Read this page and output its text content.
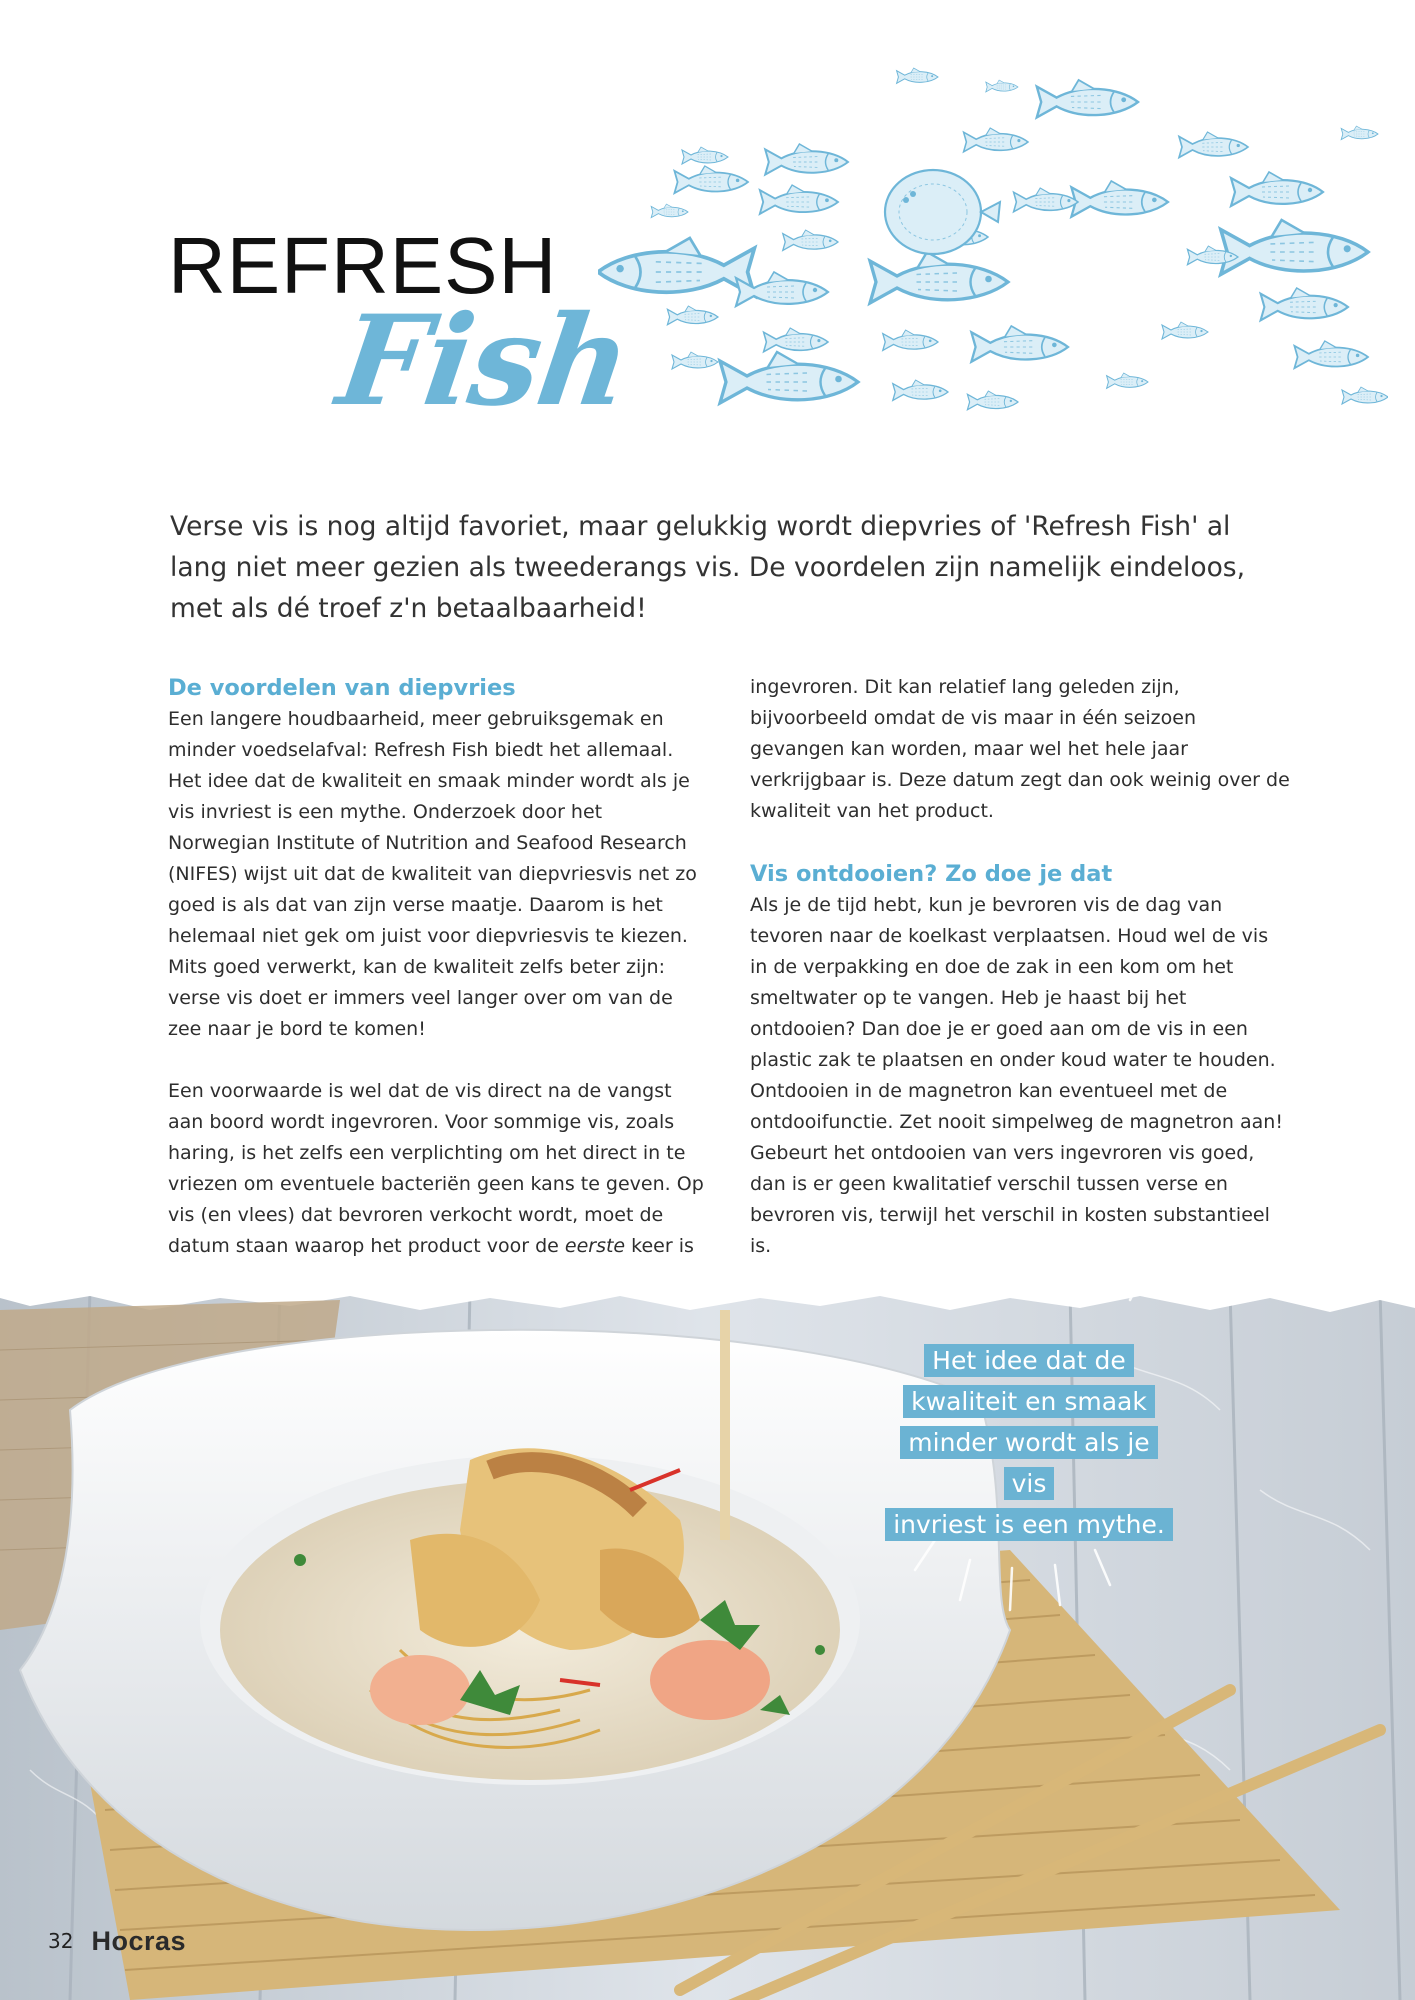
REFRESH
Fish

Verse vis is nog altijd favoriet, maar gelukkig wordt diepvries of 'Refresh Fish' al lang niet meer gezien als tweederangs vis. De voordelen zijn namelijk eindeloos, met als dé troef z'n betaalbaarheid!

De voordelen van diepvries

Een langere houdbaarheid, meer gebruiksgemak en minder voedselafval: Refresh Fish biedt het allemaal. Het idee dat de kwaliteit en smaak minder wordt als je vis invriest is een mythe. Onderzoek door het Norwegian Institute of Nutrition and Seafood Research (NIFES) wijst uit dat de kwaliteit van diepvriesvis net zo goed is als dat van zijn verse maatje. Daarom is het helemaal niet gek om juist voor diepvriesvis te kiezen. Mits goed verwerkt, kan de kwaliteit zelfs beter zijn: verse vis doet er immers veel langer over om van de zee naar je bord te komen!

Een voorwaarde is wel dat de vis direct na de vangst aan boord wordt ingevroren. Voor sommige vis, zoals haring, is het zelfs een verplichting om het direct in te vriezen om eventuele bacteriën geen kans te geven. Op vis (en vlees) dat bevroren verkocht wordt, moet de datum staan waarop het product voor de eerste keer is

ingevroren. Dit kan relatief lang geleden zijn, bijvoorbeeld omdat de vis maar in één seizoen gevangen kan worden, maar wel het hele jaar verkrijgbaar is. Deze datum zegt dan ook weinig over de kwaliteit van het product.

Vis ontdooien? Zo doe je dat

Als je de tijd hebt, kun je bevroren vis de dag van tevoren naar de koelkast verplaatsen. Houd wel de vis in de verpakking en doe de zak in een kom om het smeltwater op te vangen. Heb je haast bij het ontdooien? Dan doe je er goed aan om de vis in een plastic zak te plaatsen en onder koud water te houden. Ontdooien in de magnetron kan eventueel met de ontdooifunctie. Zet nooit simpelweg de magnetron aan! Gebeurt het ontdooien van vers ingevroren vis goed, dan is er geen kwalitatief verschil tussen verse en bevroren vis, terwijl het verschil in kosten substantieel is.

Het idee dat de
kwaliteit en smaak
minder wordt als je vis
invriest is een mythe.
32 Hocras
